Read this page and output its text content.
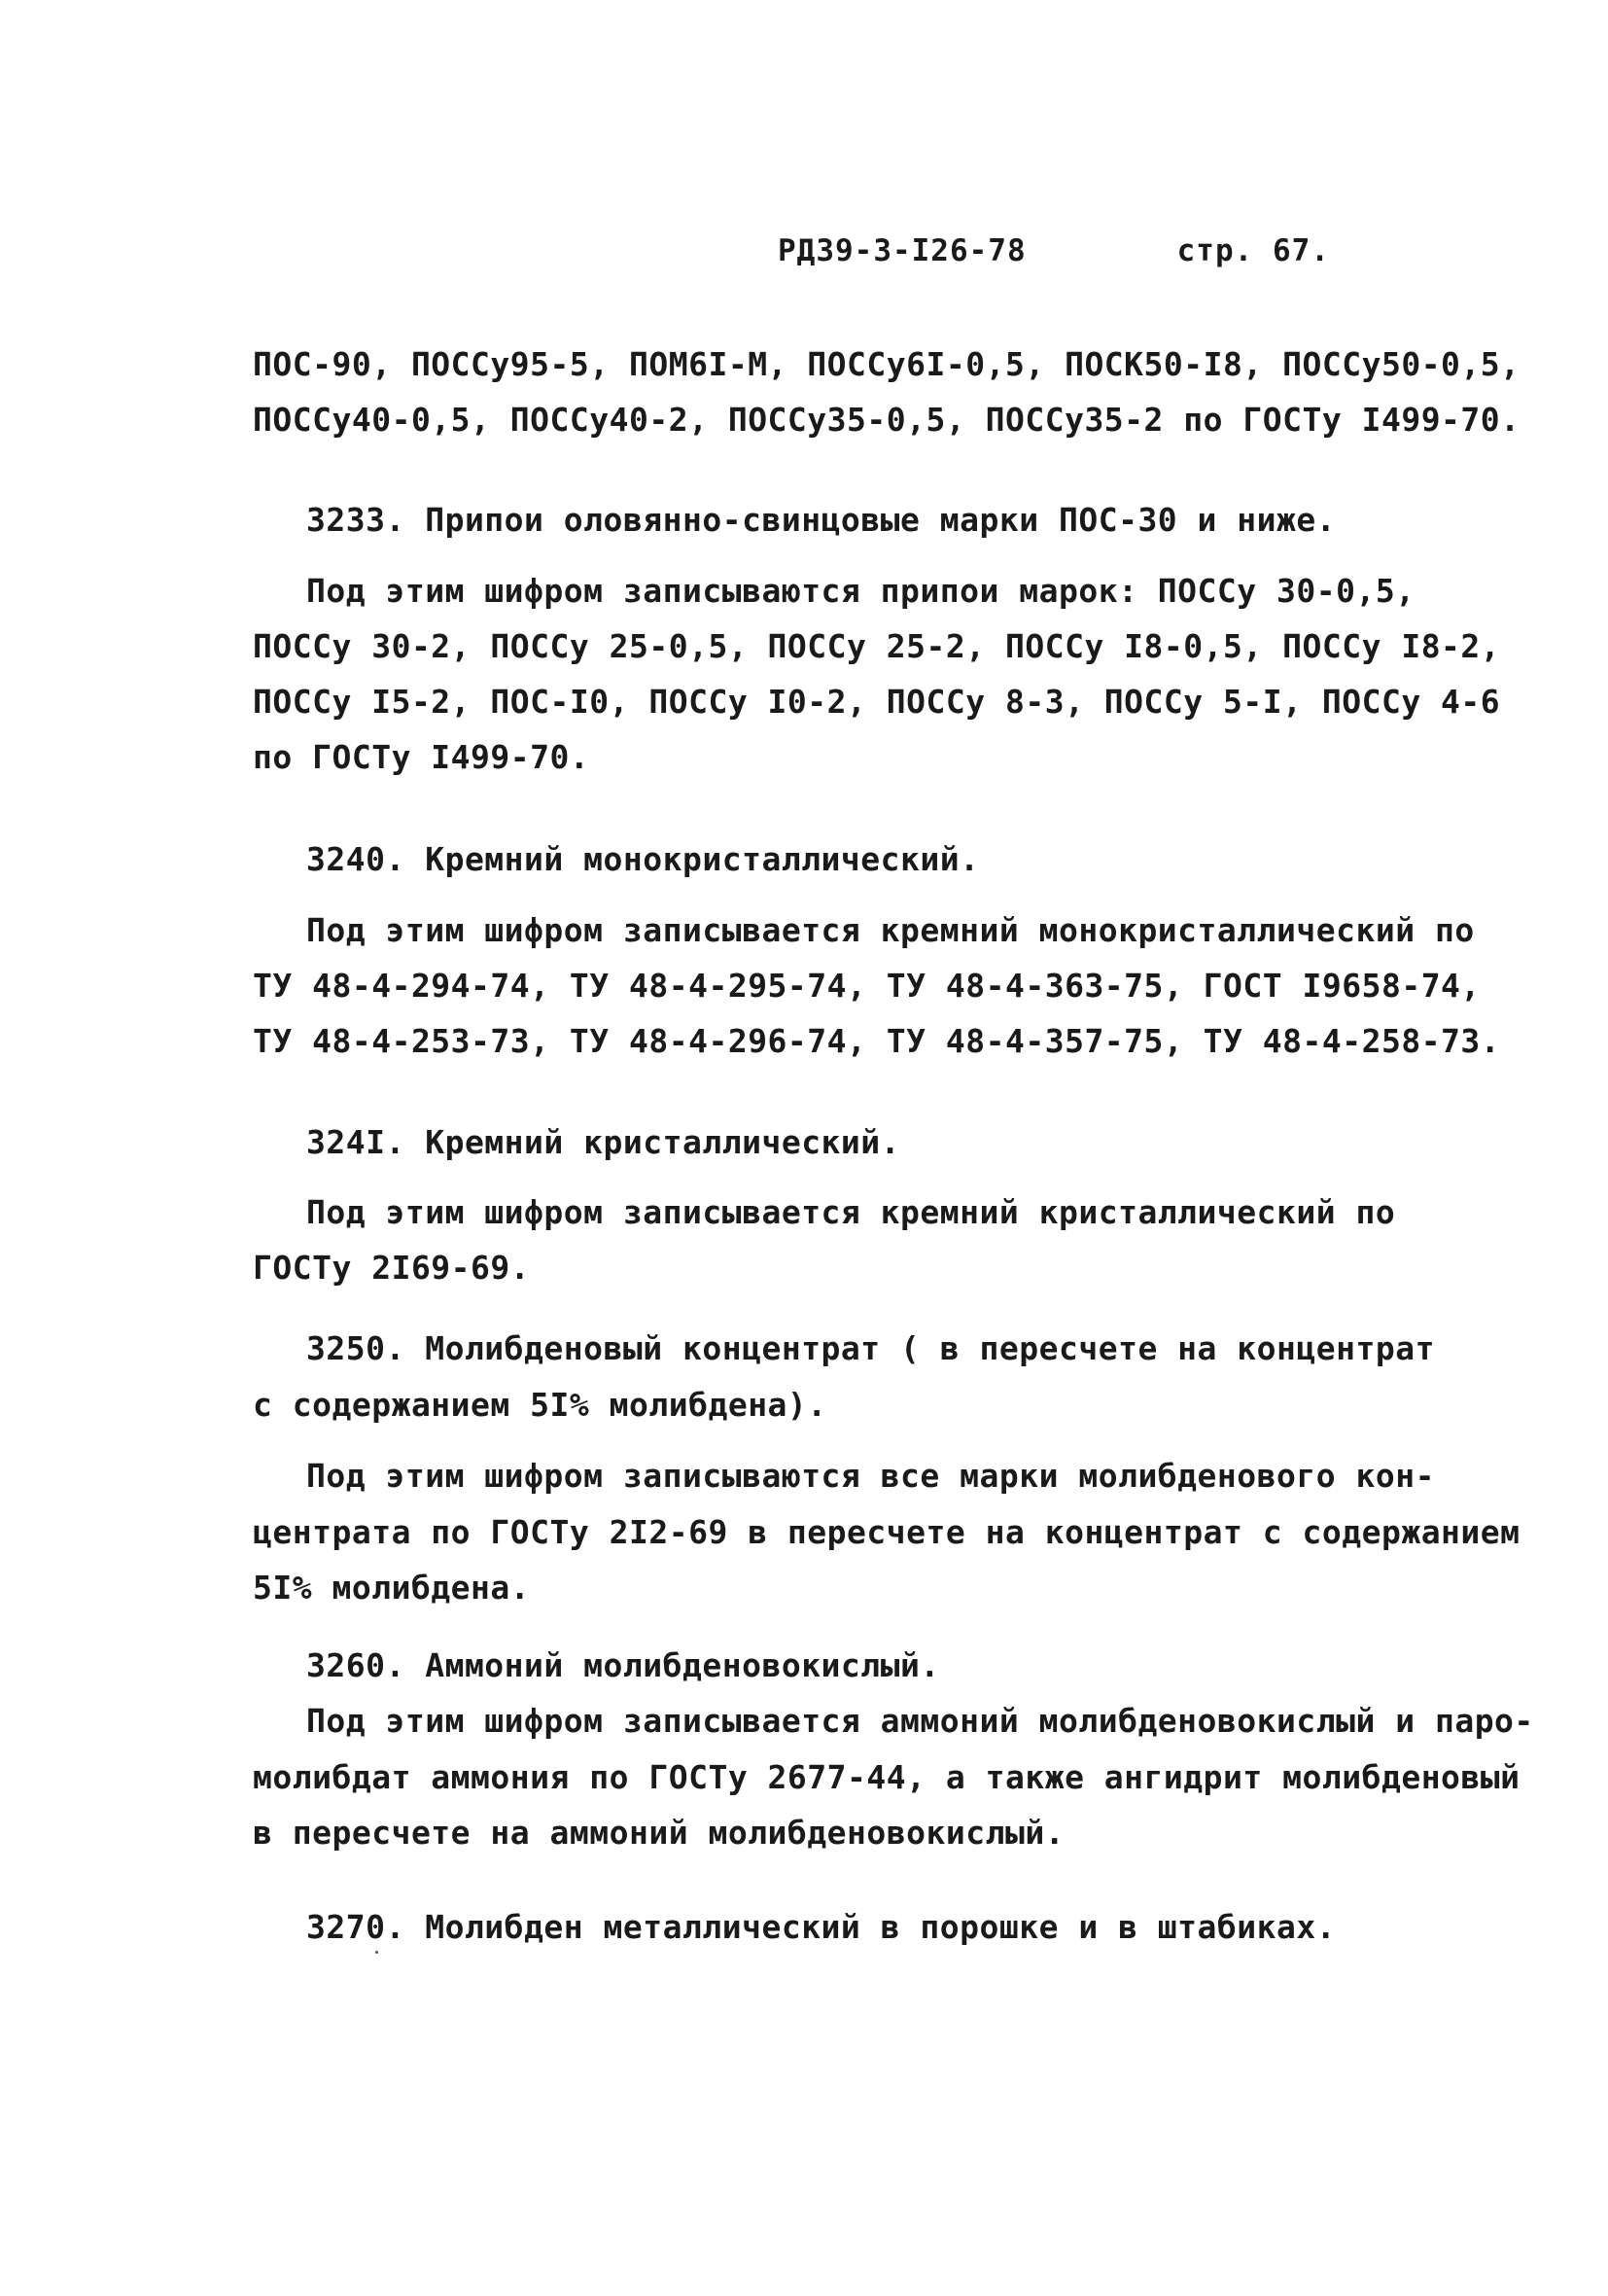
РДЗ9-3-І26-78	стр. 67.
ПОС-90, ПОССу95-5, ПОМ6І-М, ПОССу6І-0,5, ПОСК50-І8, ПОССу50-0,5,
ПОССу40-0,5, ПОССу40-2, ПОССу35-0,5, ПОССу35-2 по ГОСТу І499-70.
3233. Припои оловянно-свинцовые марки ПОС-30 и ниже.
Под этим шифром записываются припои марок: ПОССу 30-0,5,
ПОССу 30-2, ПОССу 25-0,5, ПОССу 25-2, ПОССу І8-0,5, ПОССу І8-2,
ПОССу І5-2, ПОС-І0, ПОССу І0-2, ПОССу 8-3, ПОССу 5-І, ПОССу 4-6
по ГОСТу І499-70.
3240. Кремний монокристаллический.
Под этим шифром записывается кремний монокристаллический по
ТУ 48-4-294-74, ТУ 48-4-295-74, ТУ 48-4-363-75, ГОСТ І9658-74,
ТУ 48-4-253-73, ТУ 48-4-296-74, ТУ 48-4-357-75, ТУ 48-4-258-73.
324І. Кремний кристаллический.
Под этим шифром записывается кремний кристаллический по
ГОСТу 2І69-69.
3250. Молибденовый концентрат ( в пересчете на концентрат
с содержанием 5І% молибдена).
Под этим шифром записываются все марки молибденового кон-
центрата по ГОСТу 2І2-69 в пересчете на концентрат с содержанием
5І% молибдена.
3260. Аммоний молибденовокислый.
Под этим шифром записывается аммоний молибденовокислый и паро-
молибдат аммония по ГОСТу 2677-44, а также ангидрит молибденовый
в пересчете на аммоний молибденовокислый.
3270. Молибден металлический в порошке и в штабиках.
